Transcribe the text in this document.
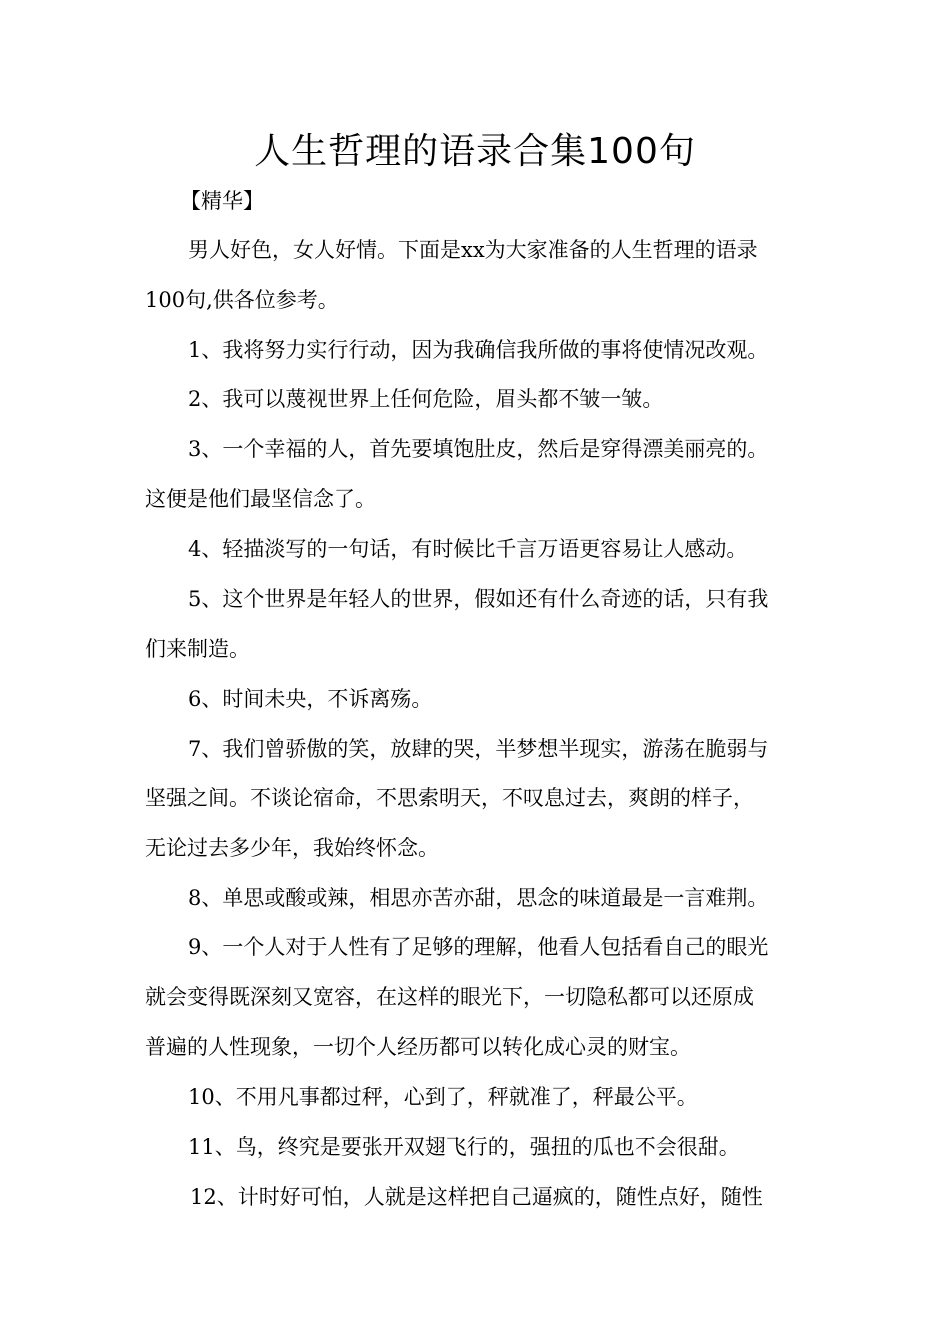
人生哲理的语录合集100句
【精华】
男人好色，女人好情。下面是xx为大家准备的人生哲理的语录
100句,供各位参考。
1、我将努力实行行动，因为我确信我所做的事将使情况改观。
2、我可以蔑视世界上任何危险，眉头都不皱一皱。
3、一个幸福的人，首先要填饱肚皮，然后是穿得漂美丽亮的。
这便是他们最坚信念了。
4、轻描淡写的一句话，有时候比千言万语更容易让人感动。
5、这个世界是年轻人的世界，假如还有什么奇迹的话，只有我
们来制造。
6、时间未央，不诉离殇。
7、我们曾骄傲的笑，放肆的哭，半梦想半现实，游荡在脆弱与
坚强之间。不谈论宿命，不思索明天，不叹息过去，爽朗的样子，
无论过去多少年，我始终怀念。
8、单思或酸或辣，相思亦苦亦甜，思念的味道最是一言难荆。
9、一个人对于人性有了足够的理解，他看人包括看自己的眼光
就会变得既深刻又宽容，在这样的眼光下，一切隐私都可以还原成
普遍的人性现象，一切个人经历都可以转化成心灵的财宝。
10、不用凡事都过秤，心到了，秤就准了，秤最公平。
11、鸟，终究是要张开双翅飞行的，强扭的瓜也不会很甜。
12、计时好可怕，人就是这样把自己逼疯的，随性点好，随性
